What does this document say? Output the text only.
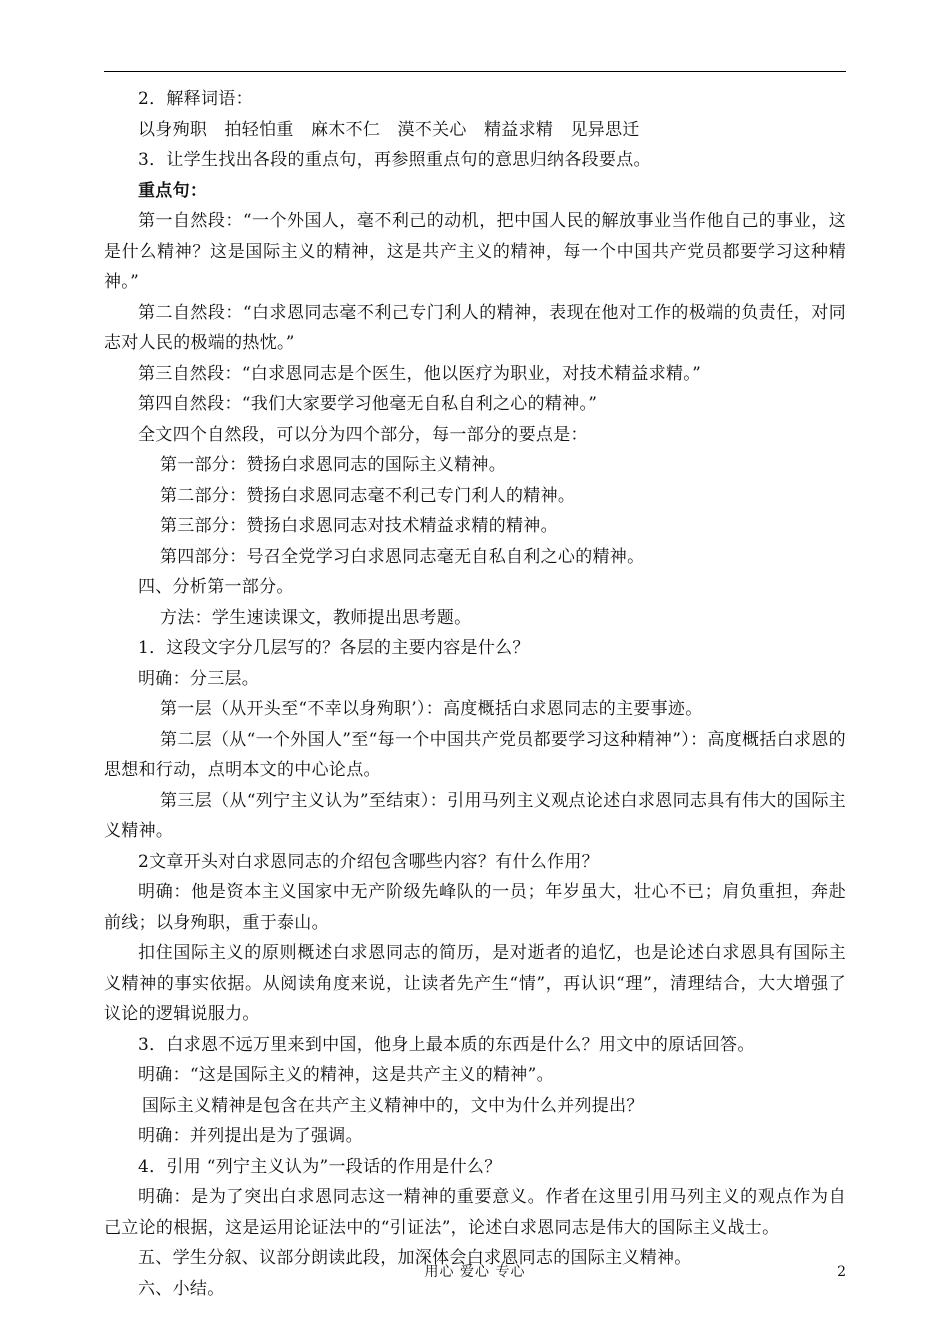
2．解释词语：

以身殉职　拍轻怕重　麻木不仁　漠不关心　精益求精　见异思迁

3．让学生找出各段的重点句，再参照重点句的意思归纳各段要点。

重点句：

第一自然段：“一个外国人，毫不利己的动机，把中国人民的解放事业当作他自己的事业，这是什么精神？这是国际主义的精神，这是共产主义的精神，每一个中国共产党员都要学习这种精神。”

第二自然段：“白求恩同志毫不利己专门利人的精神，表现在他对工作的极端的负责任，对同志对人民的极端的热忱。”

第三自然段：“白求恩同志是个医生，他以医疗为职业，对技术精益求精。”

第四自然段：“我们大家要学习他毫无自私自利之心的精神。”

全文四个自然段，可以分为四个部分，每一部分的要点是：

第一部分：赞扬白求恩同志的国际主义精神。

第二部分：赞扬白求恩同志毫不利己专门利人的精神。

第三部分：赞扬白求恩同志对技术精益求精的精神。

第四部分：号召全党学习白求恩同志毫无自私自利之心的精神。

四、分析第一部分。

方法：学生速读课文，教师提出思考题。

1．这段文字分几层写的？各层的主要内容是什么？

明确：分三层。

第一层（从开头至“不幸以身殉职’）：高度概括白求恩同志的主要事迹。

第二层（从“一个外国人”至“每一个中国共产党员都要学习这种精神”）：高度概括白求恩的思想和行动，点明本文的中心论点。

第三层（从“列宁主义认为”至结束）：引用马列主义观点论述白求恩同志具有伟大的国际主义精神。

2文章开头对白求恩同志的介绍包含哪些内容？有什么作用？

明确：他是资本主义国家中无产阶级先峰队的一员；年岁虽大，壮心不已；肩负重担，奔赴前线；以身殉职，重于泰山。

扣住国际主义的原则概述白求恩同志的简历，是对逝者的追忆，也是论述白求恩具有国际主义精神的事实依据。从阅读角度来说，让读者先产生“情”，再认识“理”，清理结合，大大增强了议论的逻辑说服力。

3．白求恩不远万里来到中国，他身上最本质的东西是什么？用文中的原话回答。

明确：“这是国际主义的精神，这是共产主义的精神”。

国际主义精神是包含在共产主义精神中的，文中为什么并列提出？

明确：并列提出是为了强调。

4．引用 “列宁主义认为”一段话的作用是什么？

明确：是为了突出白求恩同志这一精神的重要意义。作者在这里引用马列主义的观点作为自己立论的根据，这是运用论证法中的“引证法”，论述白求恩同志是伟大的国际主义战士。

五、学生分叙、议部分朗读此段，加深体会白求恩同志的国际主义精神。

六、小结。

用心 爱心 专心	2
